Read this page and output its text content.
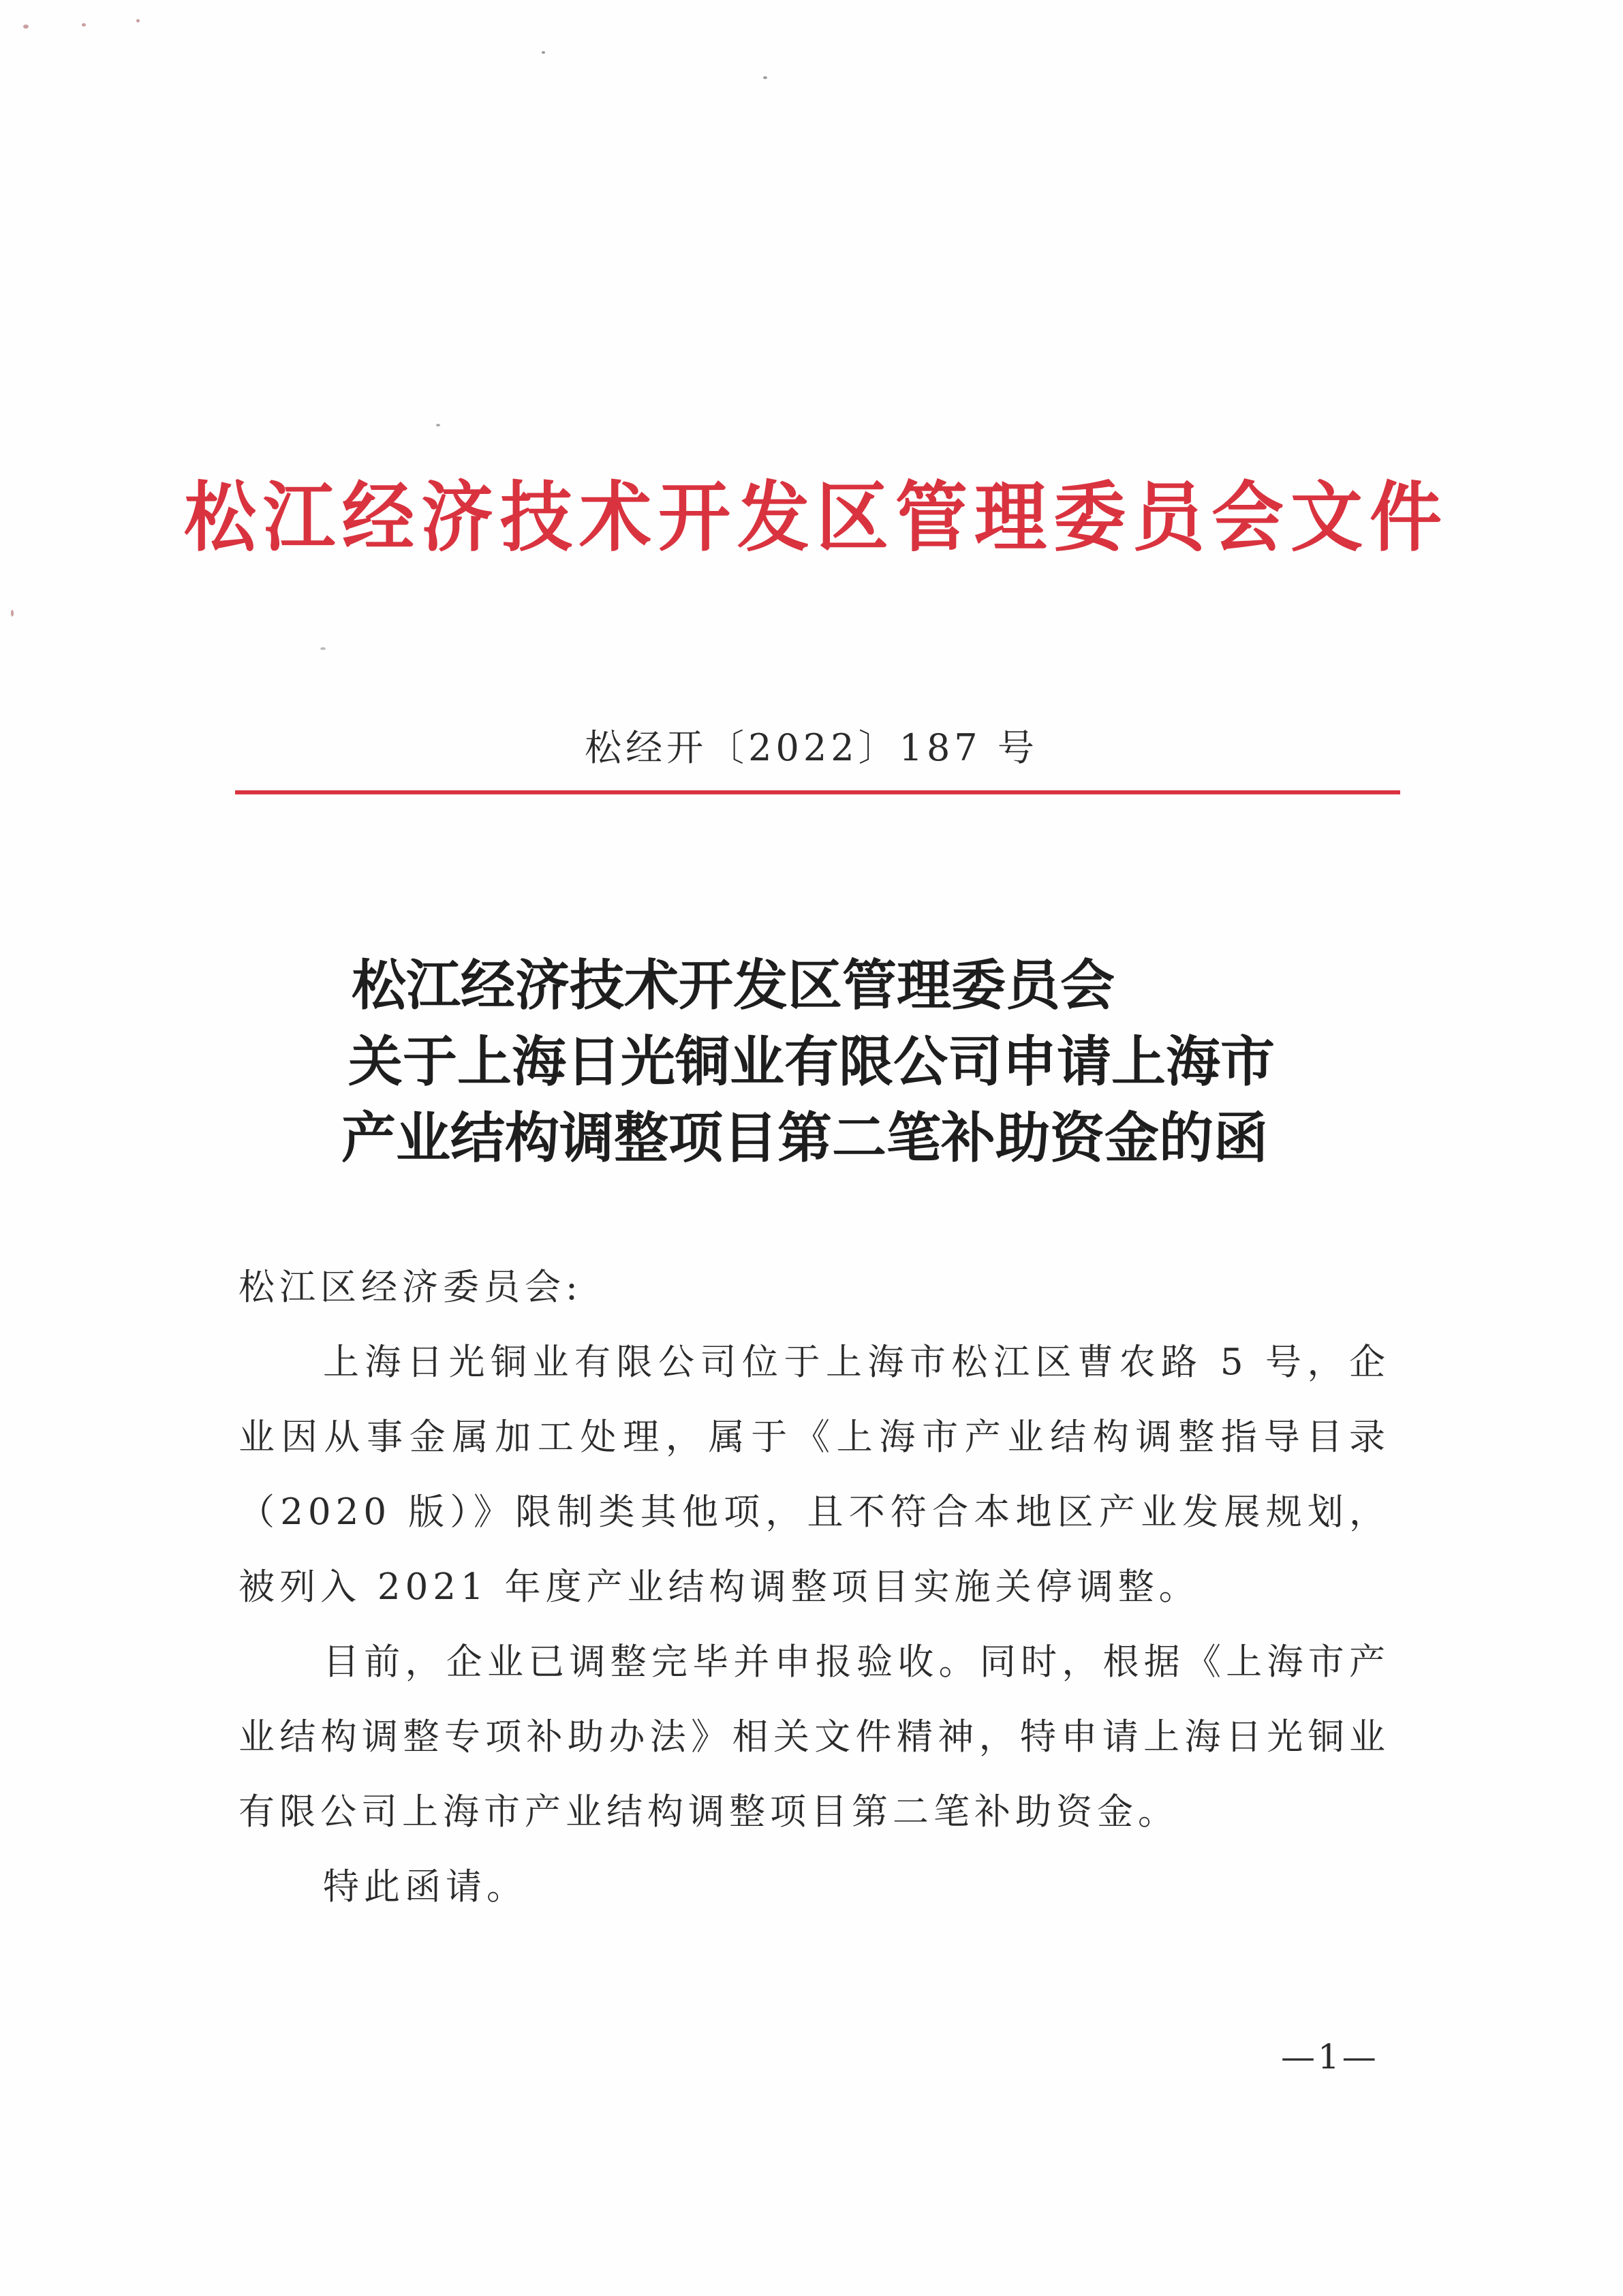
松江经济技术开发区管理委员会文件
松经开〔2022〕187 号
松江经济技术开发区管理委员会
关于上海日光铜业有限公司申请上海市
产业结构调整项目第二笔补助资金的函

松江区经济委员会:

上海日光铜业有限公司位于上海市松江区曹农路 5 号，企业因从事金属加工处理，属于《上海市产业结构调整指导目录（2020 版）》限制类其他项，且不符合本地区产业发展规划，被列入 2021 年度产业结构调整项目实施关停调整。

目前，企业已调整完毕并申报验收。同时，根据《上海市产业结构调整专项补助办法》相关文件精神，特申请上海日光铜业有限公司上海市产业结构调整项目第二笔补助资金。

特此函请。

—1—
